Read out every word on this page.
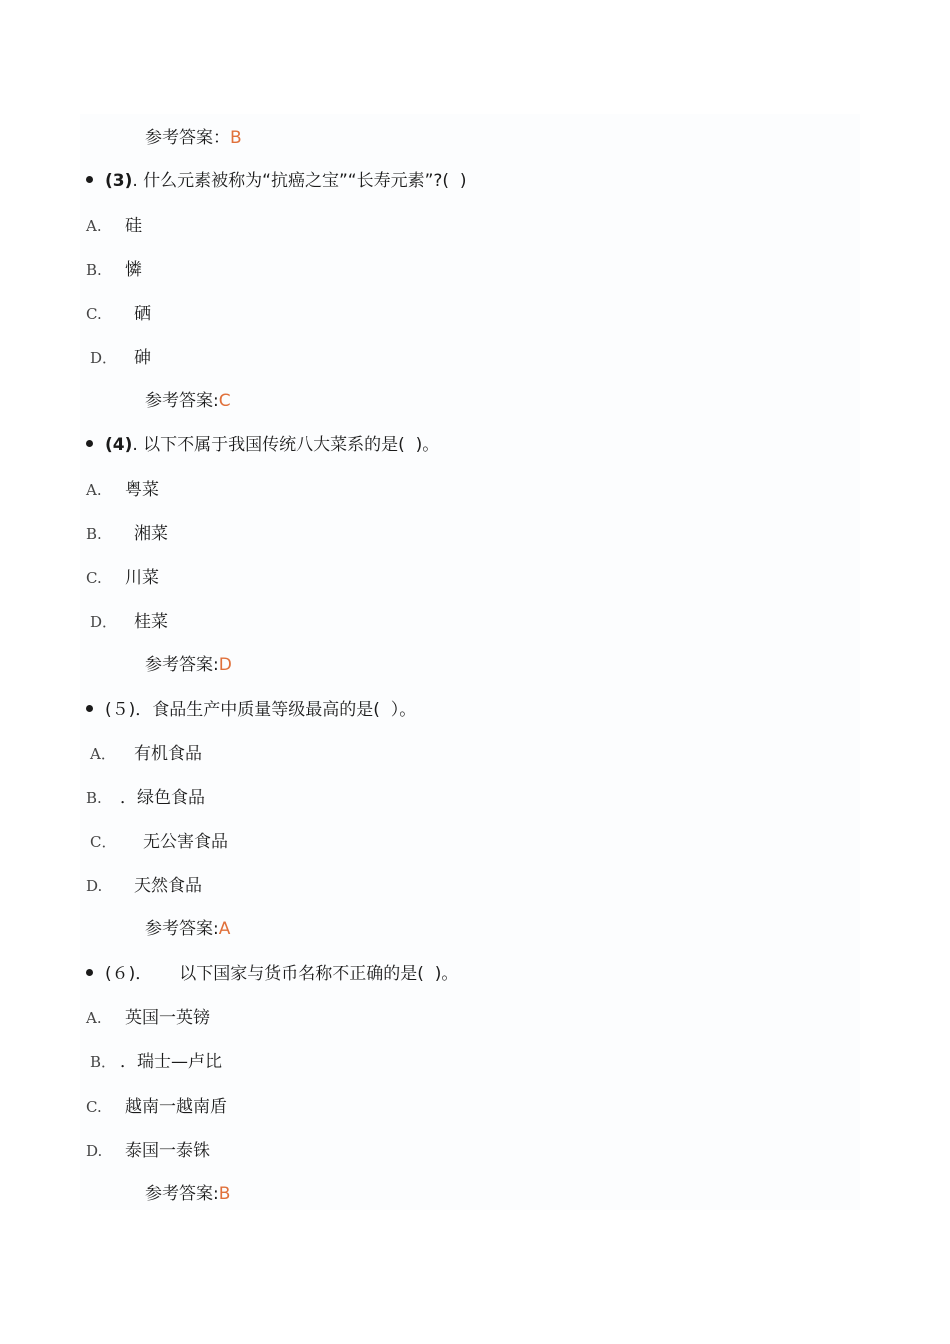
参考答案：B
(3). 什么元素被称为“抗癌之宝”“长寿元素”?(  )
A. 硅
B. 憐
C. 硒
D． 砷
参考答案:C
(4). 以下不属于我国传统八大菜系的是(  )。
A. 粤菜
B. 湘菜
C. 川菜
D． 桂菜
参考答案:D
(５)．食品生产中质量等级最高的是(  ）。
A． 有机食品
B. ．绿色食品
C． 无公害食品
D. 天然食品
参考答案:A
(６)．     以下国家与货币名称不正确的是(  )。
A. 英国一英镑
B． ．瑞士—卢比
C. 越南一越南盾
D. 泰国一泰铢
参考答案:B
